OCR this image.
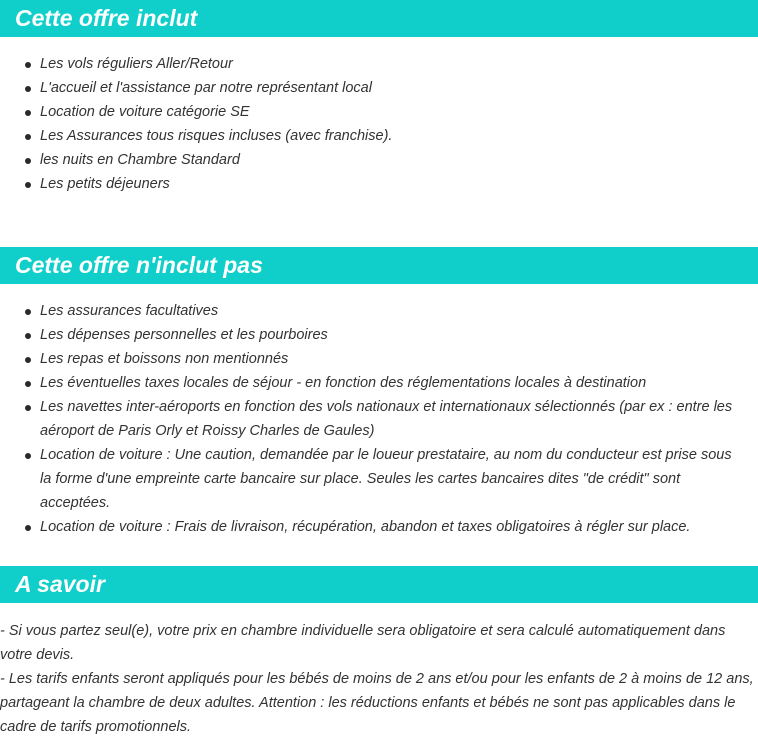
Cette offre inclut
Les vols réguliers Aller/Retour
L'accueil et l'assistance par notre représentant local
Location de voiture catégorie SE
Les Assurances tous risques incluses (avec franchise).
les nuits en Chambre Standard
Les petits déjeuners
Cette offre n'inclut pas
Les assurances facultatives
Les dépenses personnelles et les pourboires
Les repas et boissons non mentionnés
Les éventuelles taxes locales de séjour - en fonction des réglementations locales à destination
Les navettes inter-aéroports en fonction des vols nationaux et internationaux sélectionnés (par ex : entre les aéroport de Paris Orly et Roissy Charles de Gaules)
Location de voiture : Une caution, demandée par le loueur prestataire, au nom du conducteur est prise sous la forme d'une empreinte carte bancaire sur place. Seules les cartes bancaires dites "de crédit" sont acceptées.
Location de voiture : Frais de livraison, récupération, abandon et taxes obligatoires à régler sur place.
A savoir

- Si vous partez seul(e), votre prix en chambre individuelle sera obligatoire et sera calculé automatiquement dans votre devis.

- Les tarifs enfants seront appliqués pour les bébés de moins de 2 ans et/ou pour les enfants de 2 à moins de 12 ans, partageant la chambre de deux adultes. Attention : les réductions enfants et bébés ne sont pas applicables dans le cadre de tarifs promotionnels.
